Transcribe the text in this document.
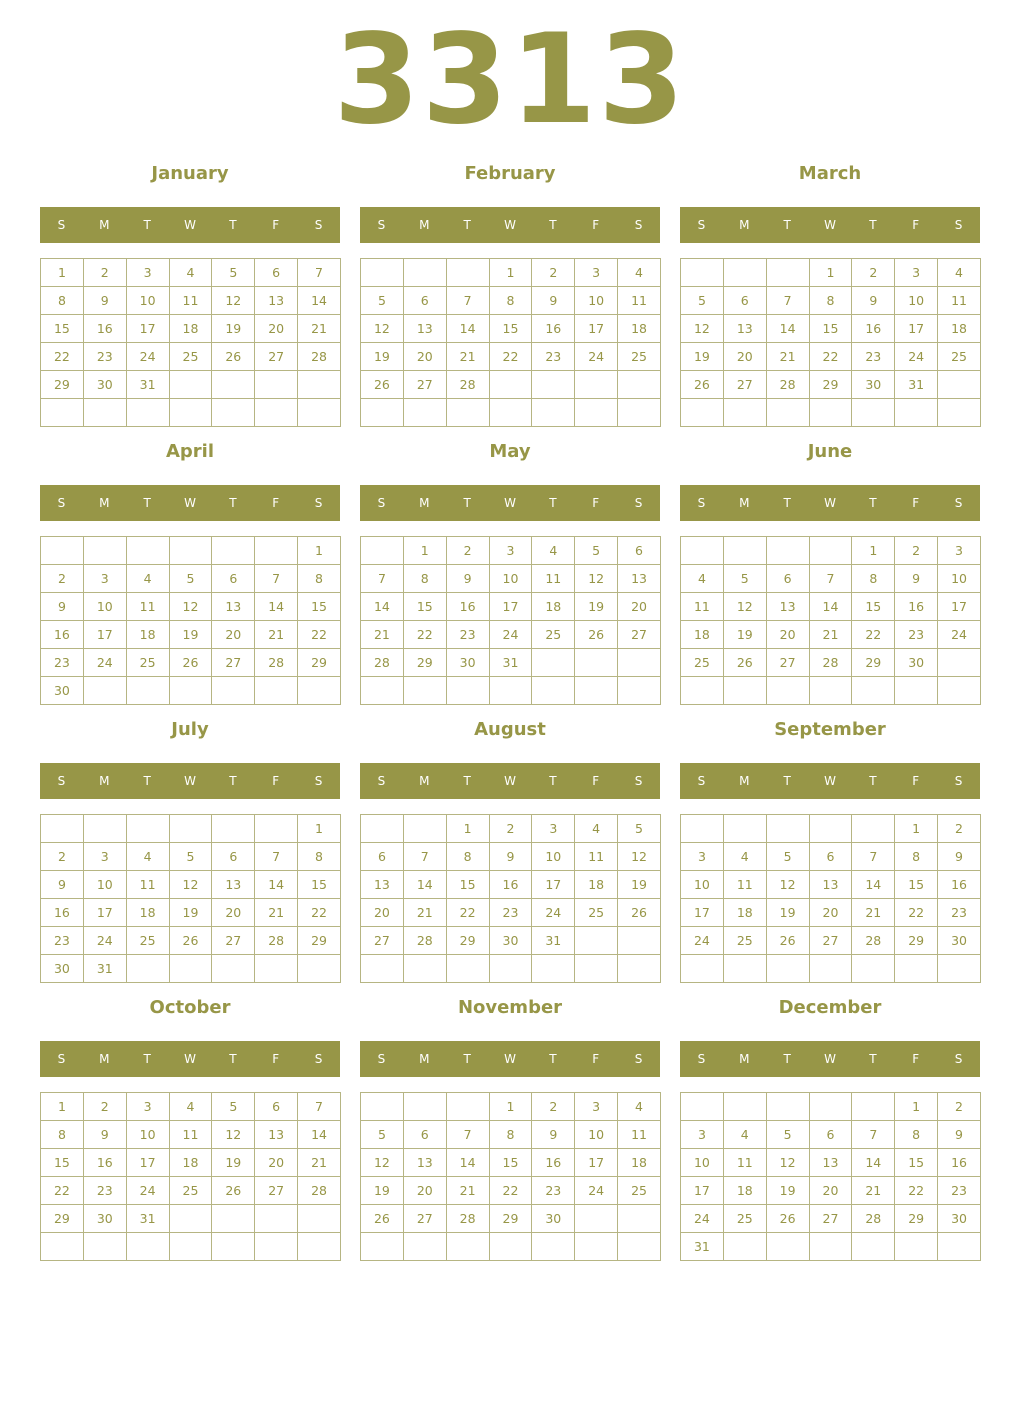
3313
January
S	M	T	W	T	F	S
1	2	3	4	5	6	7
8	9	10	11	12	13	14
15	16	17	18	19	20	21
22	23	24	25	26	27	28
29	30	31				

February
S	M	T	W	T	F	S
			1	2	3	4
5	6	7	8	9	10	11
12	13	14	15	16	17	18
19	20	21	22	23	24	25
26	27	28				

March
S	M	T	W	T	F	S
			1	2	3	4
5	6	7	8	9	10	11
12	13	14	15	16	17	18
19	20	21	22	23	24	25
26	27	28	29	30	31	

April
S	M	T	W	T	F	S
						1
2	3	4	5	6	7	8
9	10	11	12	13	14	15
16	17	18	19	20	21	22
23	24	25	26	27	28	29
30						
May
S	M	T	W	T	F	S
	1	2	3	4	5	6
7	8	9	10	11	12	13
14	15	16	17	18	19	20
21	22	23	24	25	26	27
28	29	30	31			

June
S	M	T	W	T	F	S
				1	2	3
4	5	6	7	8	9	10
11	12	13	14	15	16	17
18	19	20	21	22	23	24
25	26	27	28	29	30	

July
S	M	T	W	T	F	S
						1
2	3	4	5	6	7	8
9	10	11	12	13	14	15
16	17	18	19	20	21	22
23	24	25	26	27	28	29
30	31					
August
S	M	T	W	T	F	S
		1	2	3	4	5
6	7	8	9	10	11	12
13	14	15	16	17	18	19
20	21	22	23	24	25	26
27	28	29	30	31		

September
S	M	T	W	T	F	S
					1	2
3	4	5	6	7	8	9
10	11	12	13	14	15	16
17	18	19	20	21	22	23
24	25	26	27	28	29	30

October
S	M	T	W	T	F	S
1	2	3	4	5	6	7
8	9	10	11	12	13	14
15	16	17	18	19	20	21
22	23	24	25	26	27	28
29	30	31				

November
S	M	T	W	T	F	S
			1	2	3	4
5	6	7	8	9	10	11
12	13	14	15	16	17	18
19	20	21	22	23	24	25
26	27	28	29	30		

December
S	M	T	W	T	F	S
					1	2
3	4	5	6	7	8	9
10	11	12	13	14	15	16
17	18	19	20	21	22	23
24	25	26	27	28	29	30
31						
